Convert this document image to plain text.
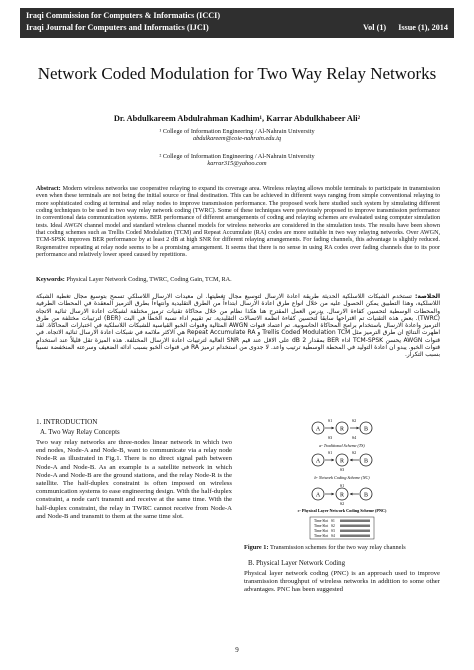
Iraqi Commission for Computers & Informatics (ICCI)
Iraqi Journal for Computers and Informatics (IJCI)	Vol (1) Issue (1), 2014
Network Coded Modulation for Two Way Relay Networks
Dr. Abdulkareem Abdulrahman Kadhim¹, Karrar Abdulkhabeer Ali²
¹ College of Information Engineering / Al-Nahrain University
abdulkareem@coie-nahrain.edu.iq
² College of Information Engineering / Al-Nahrain University
karrar315@yahoo.com
Abstract: Modern wireless networks use cooperative relaying to expand its coverage area. Wireless relaying allows mobile terminals to participate in transmission even when these terminals are not being the initial source or final destination. This can be achieved in different ways ranging from simple conventional relaying to more sophisticated coding at terminal and relay nodes to improve transmission performance. The proposed work here studied such system by simulating different coding techniques to be used in two way relay network coding (TWRC). Some of these techniques were previously proposed to improve transmission performance in conventional data communication systems. BER performance of different arrangements of coding and relaying schemes are evaluated using computer simulation tests. Ideal AWGN channel model and standard wireless channel models for wireless networks are considered in the simulation tests. The results have been shown that coding schemes such as Trellis Coded Modulation (TCM) and Repeat Accumulate (RA) codes are more suitable in two way relaying networks. Over AWGN, TCM-SPSK improves BER performance by at least 2 dB at high SNR for different relaying arrangements. For fading channels, this advantage is slightly reduced. Regenerative repeating at relay node seems to be a promising arrangement. It seems that there is no sense in using RA codes over fading channels due to its poor performance and relatively lower speed caused by repetitions.
Keywords: Physical Layer Network Coding, TWRC, Coding Gain, TCM, RA.
الخلاصة: تستخدم الشبكات اللاسلكية الحديثة طريقة اعادة الارسال لتوسيع مجال تغطيتها. ان معيدات الارسال اللاسلكي تسمح بتوسيع مجال تغطية الشبكة اللاسلكية، وهذا التطبيق يمكن الحصول عليه من خلال انواع طرق اعادة الارسال ابتداءاً من الطرق التقليدية وانتهاءاً بطرق الترميز المعقدة في المحطات الطرفية والمحطات الوسطية لتحسين كفاءة الارسال. يدرس العمل المقترح هنا هكذا نظام من خلال محاكاة تقنيات ترميز مختلفة لشبكات اعادة الارسال ثنائية الاتجاه (TWRC). بعض هذه التقنيات تم اقتراحها سابقاً لتحسين كفاءة انظمة الاتصالات التقليدية. تم تقييم اداء نسبة الخطأ في البت (BER) لترتيبات مختلفة من طرق الترميز واعادة الارسال باستخدام برامج المحاكاة الحاسوبية. تم اعتماد قنوات AWGN المثالية وقنوات الخبو القياسية للشبكات اللاسلكية في اختبارات المحاكاة. لقد اظهرت النتائج ان طرق الترميز مثل Trellis Coded Modulation TCM و Repeat Accumulate RA هي الاكثر ملائمة في شبكات اعادة الارسال ثنائية الاتجاه. في قنوات AWGN يحسن TCM-SPSK اداء BER بمقدار 2 dB على الاقل عند قيم SNR العالية لترتيبات اعادة الارسال المختلفة. هذه الميزة تقل قليلاً عند استخدام قنوات الخبو. يبدو ان اعادة التوليد في المحطة الوسطية ترتيب واعد. لا جدوى من استخدام ترميز RA في قنوات الخبو بسبب ادائه الضعيف وسرعته المنخفضة نسبياً بسبب التكرار.
1. INTRODUCTION
A. Two Way Relay Concepts

Two way relay networks are three-nodes linear network in which two end nodes, Node-A and Node-B, want to communicate via a relay node Node-R as illustrated in Fig.1. There is no direct signal path between Node-A and Node-B. As an example is a satellite network in which Node-A and Node-B are the ground stations, and the relay Node-R is the satellite. The half-duplex constraint is often imposed on wireless communication systems to ease engineering design. With the half-duplex constraint, a node can't transmit and receive at the same time. With the half-duplex constraint, the relay in TWRC cannot receive from Node-A and Node-B and transmit to them at the same time slot.

A	R	B
S1	S2
S3	S4
a- Traditional Scheme (TS)
A	R	B
S1	S2
S3
b- Network Coding Scheme (NC)
A	R	B
S1
S2
c- Physical Layer Network Coding Scheme (PNC)
Time Slot S1
Time Slot S2
Time Slot S3
Time Slot S4
Figure 1: Transmission schemes for the two way relay channels
B. Physical Layer Network Coding

Physical layer network coding (PNC) is an approach used to improve transmission throughput of wireless networks in addition to some other advantages. PNC has been suggested

9
